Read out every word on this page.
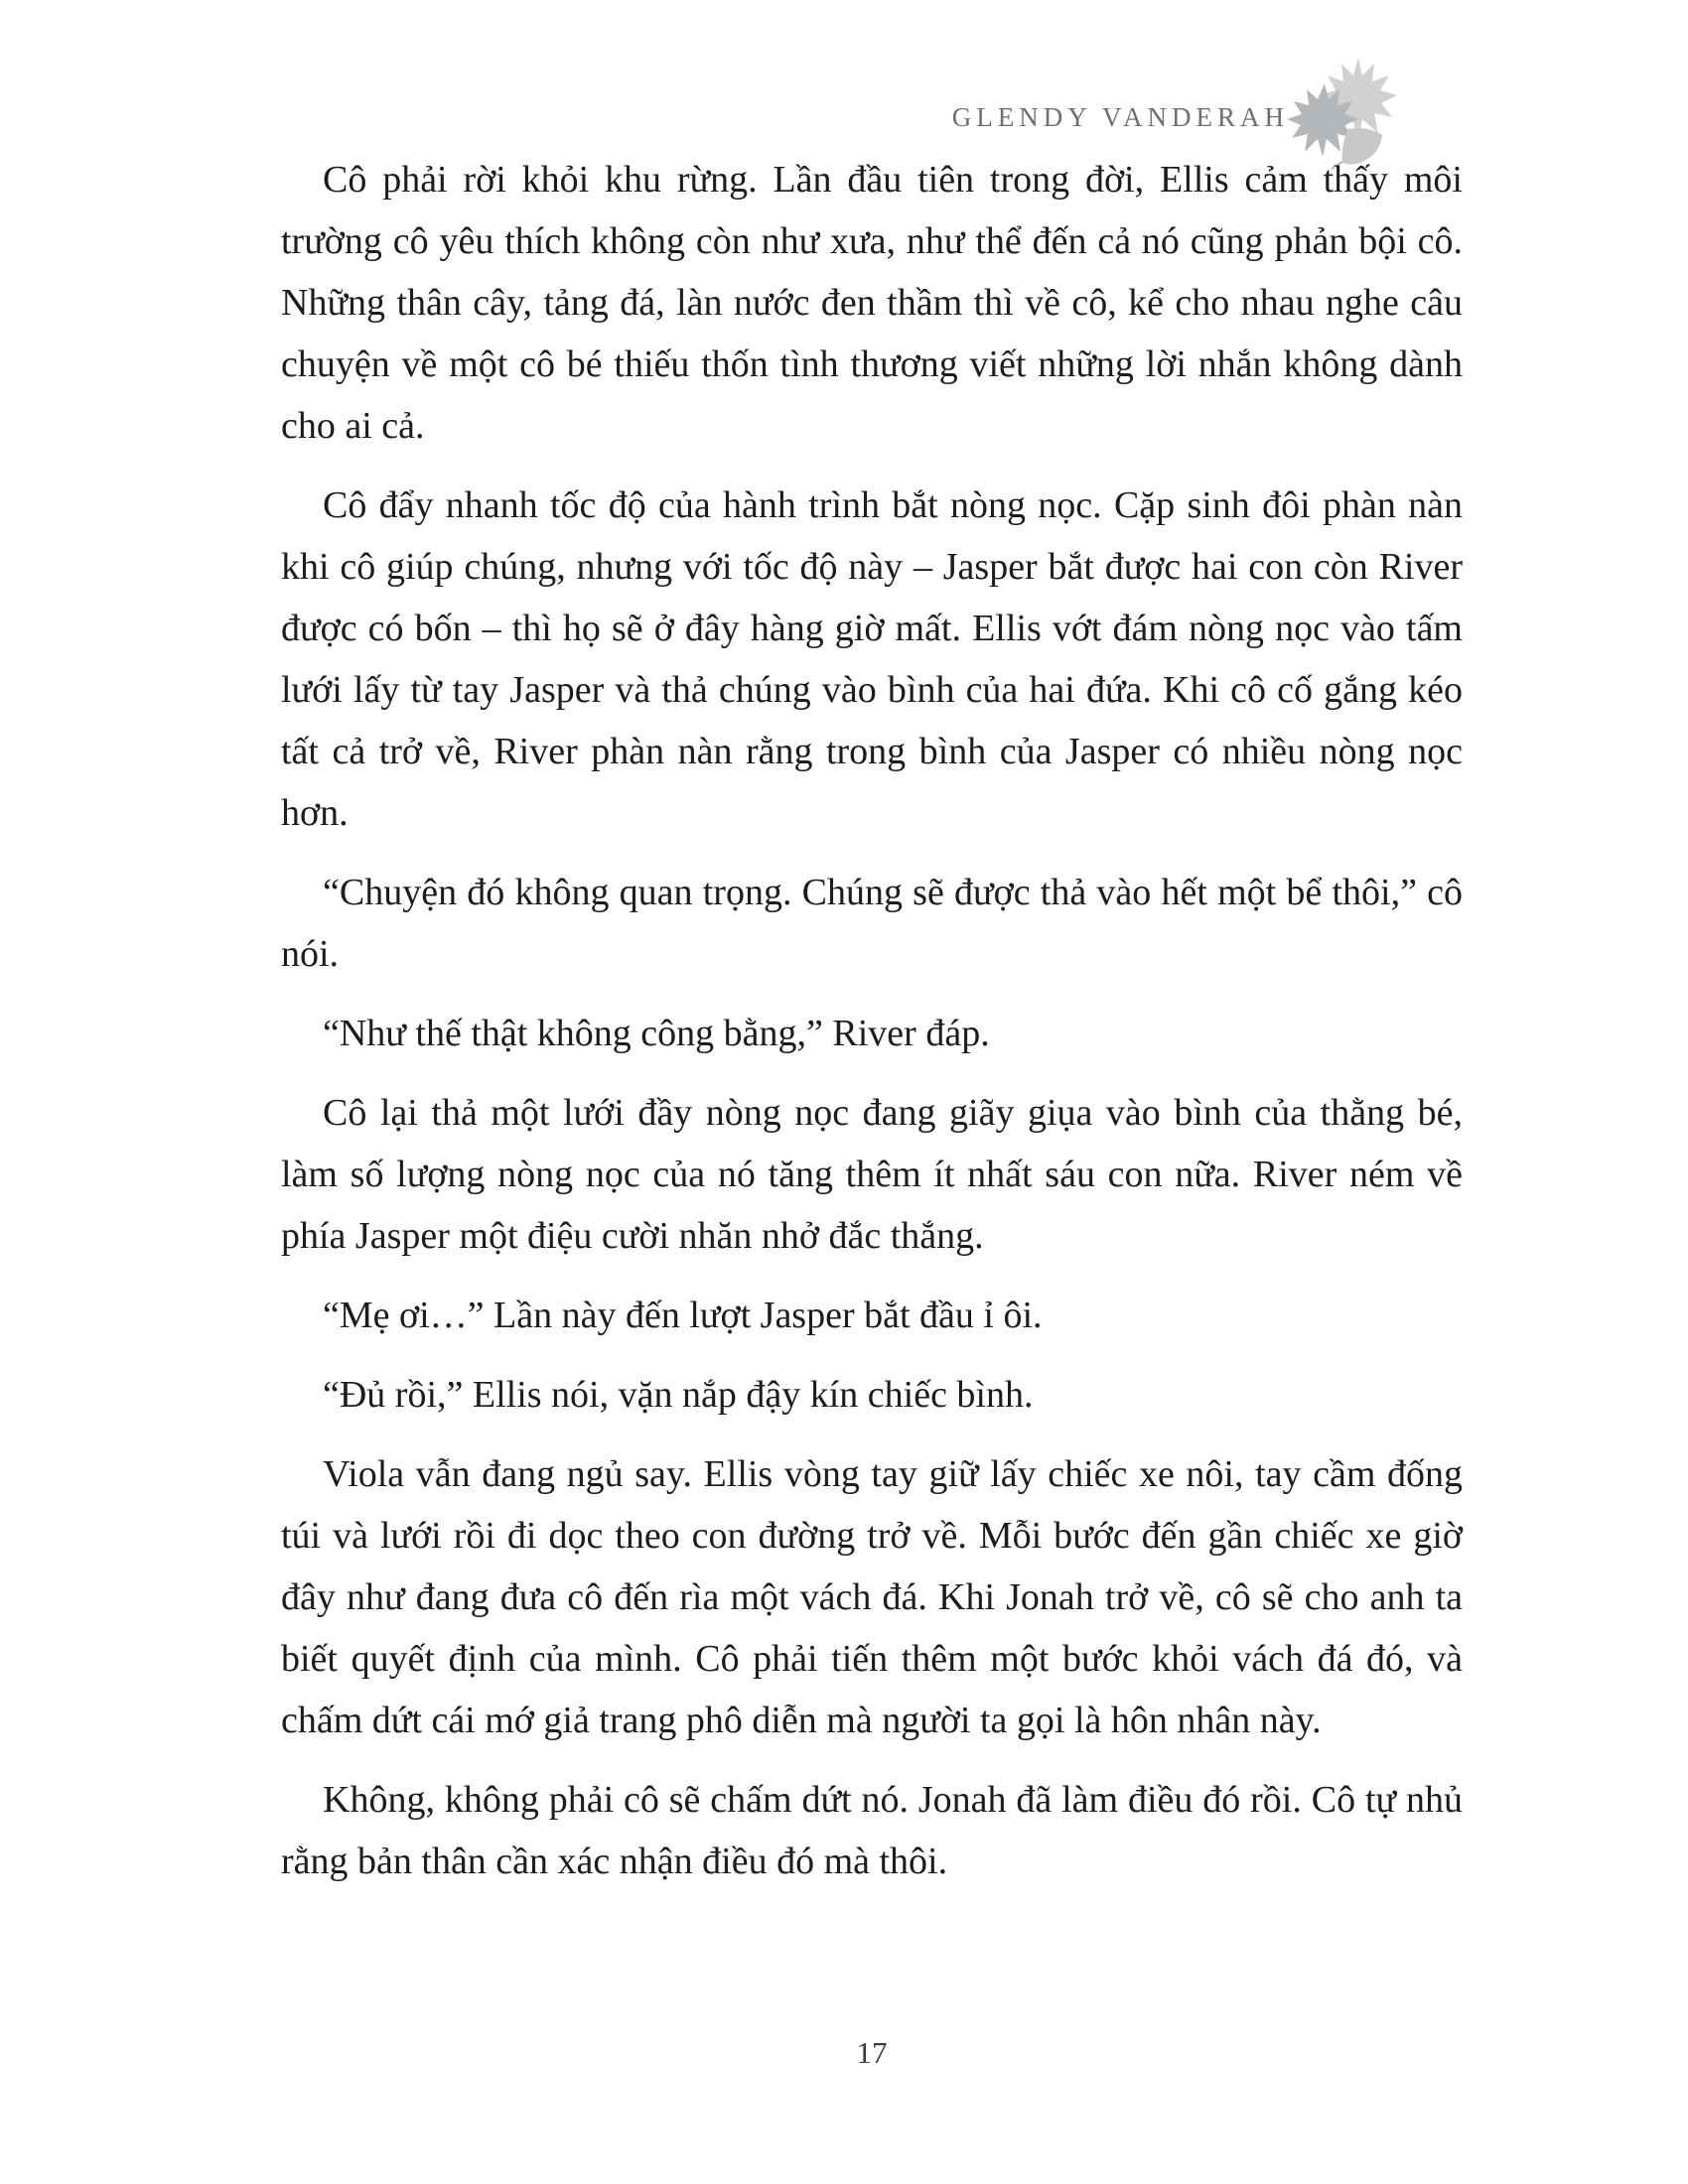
GLENDY VANDERAH

Cô phải rời khỏi khu rừng. Lần đầu tiên trong đời, Ellis cảm thấy môi trường cô yêu thích không còn như xưa, như thể đến cả nó cũng phản bội cô. Những thân cây, tảng đá, làn nước đen thầm thì về cô, kể cho nhau nghe câu chuyện về một cô bé thiếu thốn tình thương viết những lời nhắn không dành cho ai cả.

Cô đẩy nhanh tốc độ của hành trình bắt nòng nọc. Cặp sinh đôi phàn nàn khi cô giúp chúng, nhưng với tốc độ này – Jasper bắt được hai con còn River được có bốn – thì họ sẽ ở đây hàng giờ mất. Ellis vớt đám nòng nọc vào tấm lưới lấy từ tay Jasper và thả chúng vào bình của hai đứa. Khi cô cố gắng kéo tất cả trở về, River phàn nàn rằng trong bình của Jasper có nhiều nòng nọc hơn.

“Chuyện đó không quan trọng. Chúng sẽ được thả vào hết một bể thôi,” cô nói.

“Như thế thật không công bằng,” River đáp.

Cô lại thả một lưới đầy nòng nọc đang giãy giụa vào bình của thằng bé, làm số lượng nòng nọc của nó tăng thêm ít nhất sáu con nữa. River ném về phía Jasper một điệu cười nhăn nhở đắc thắng.

“Mẹ ơi…” Lần này đến lượt Jasper bắt đầu ỉ ôi.

“Đủ rồi,” Ellis nói, vặn nắp đậy kín chiếc bình.

Viola vẫn đang ngủ say. Ellis vòng tay giữ lấy chiếc xe nôi, tay cầm đống túi và lưới rồi đi dọc theo con đường trở về. Mỗi bước đến gần chiếc xe giờ đây như đang đưa cô đến rìa một vách đá. Khi Jonah trở về, cô sẽ cho anh ta biết quyết định của mình. Cô phải tiến thêm một bước khỏi vách đá đó, và chấm dứt cái mớ giả trang phô diễn mà người ta gọi là hôn nhân này.

Không, không phải cô sẽ chấm dứt nó. Jonah đã làm điều đó rồi. Cô tự nhủ rằng bản thân cần xác nhận điều đó mà thôi.

17
